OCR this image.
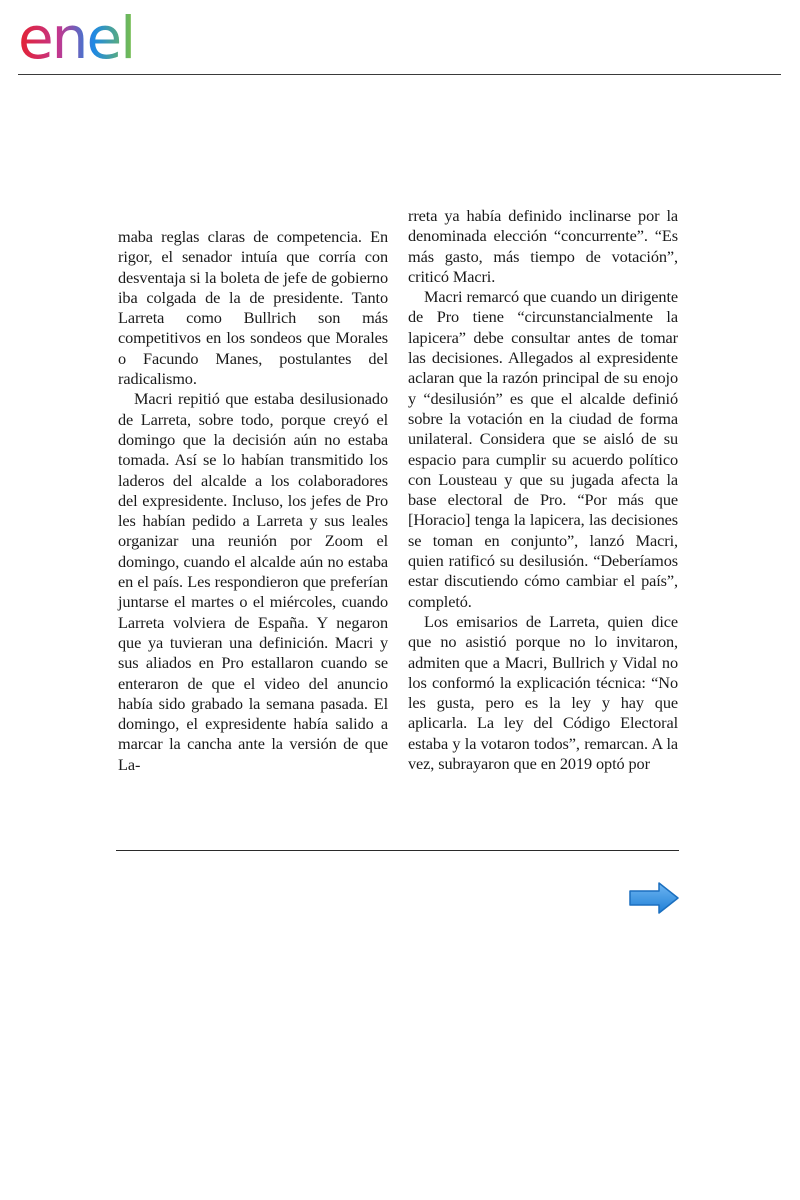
enel

maba reglas claras de competencia. En rigor, el senador intuía que corría con desventaja si la boleta de jefe de gobierno iba colgada de la de presidente. Tanto Larreta como Bullrich son más competitivos en los sondeos que Morales o Facundo Manes, postulantes del radicalismo.

Macri repitió que estaba desilusionado de Larreta, sobre todo, porque creyó el domingo que la decisión aún no estaba tomada. Así se lo habían transmitido los laderos del alcalde a los colaboradores del expresidente. Incluso, los jefes de Pro les habían pedido a Larreta y sus leales organizar una reunión por Zoom el domingo, cuando el alcalde aún no estaba en el país. Les respondieron que preferían juntarse el martes o el miércoles, cuando Larreta volviera de España. Y negaron que ya tuvieran una definición. Macri y sus aliados en Pro estallaron cuando se enteraron de que el video del anuncio había sido grabado la semana pasada. El domingo, el expresidente había salido a marcar la cancha ante la versión de que La-

rreta ya había definido inclinarse por la denominada elección “concurrente”. “Es más gasto, más tiempo de votación”, criticó Macri.

Macri remarcó que cuando un dirigente de Pro tiene “circunstancialmente la lapicera” debe consultar antes de tomar las decisiones. Allegados al expresidente aclaran que la razón principal de su enojo y “desilusión” es que el alcalde definió sobre la votación en la ciudad de forma unilateral. Considera que se aisló de su espacio para cumplir su acuerdo político con Lousteau y que su jugada afecta la base electoral de Pro. “Por más que [Horacio] tenga la lapicera, las decisiones se toman en conjunto”, lanzó Macri, quien ratificó su desilusión. “Deberíamos estar discutiendo cómo cambiar el país”, completó.

Los emisarios de Larreta, quien dice que no asistió porque no lo invitaron, admiten que a Macri, Bullrich y Vidal no los conformó la explicación técnica: “No les gusta, pero es la ley y hay que aplicarla. La ley del Código Electoral estaba y la votaron todos”, remarcan. A la vez, subrayaron que en 2019 optó por
